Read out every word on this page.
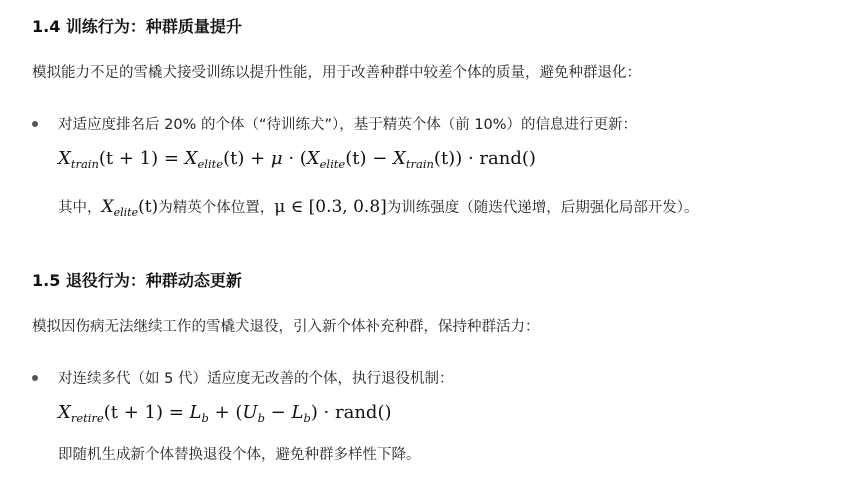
1.4 训练行为：种群质量提升
模拟能力不足的雪橇犬接受训练以提升性能，用于改善种群中较差个体的质量，避免种群退化：
对适应度排名后 20% 的个体（“待训练犬”），基于精英个体（前 10%）的信息进行更新：
$X_{train}(t + 1) = X_{elite}(t) + \mu \cdot (X_{elite}(t) - X_{train}(t))$ · rand()
其中，$X_{elite}(t)$为精英个体位置，μ ∈ [0.3, 0.8]为训练强度（随迭代递增，后期强化局部开发）。
1.5 退役行为：种群动态更新
模拟因伤病无法继续工作的雪橇犬退役，引入新个体补充种群，保持种群活力：
对连续多代（如 5 代）适应度无改善的个体，执行退役机制：
$X_{retire}(t + 1) = L_b + (U_b - L_b)$ · rand()
即随机生成新个体替换退役个体，避免种群多样性下降。
